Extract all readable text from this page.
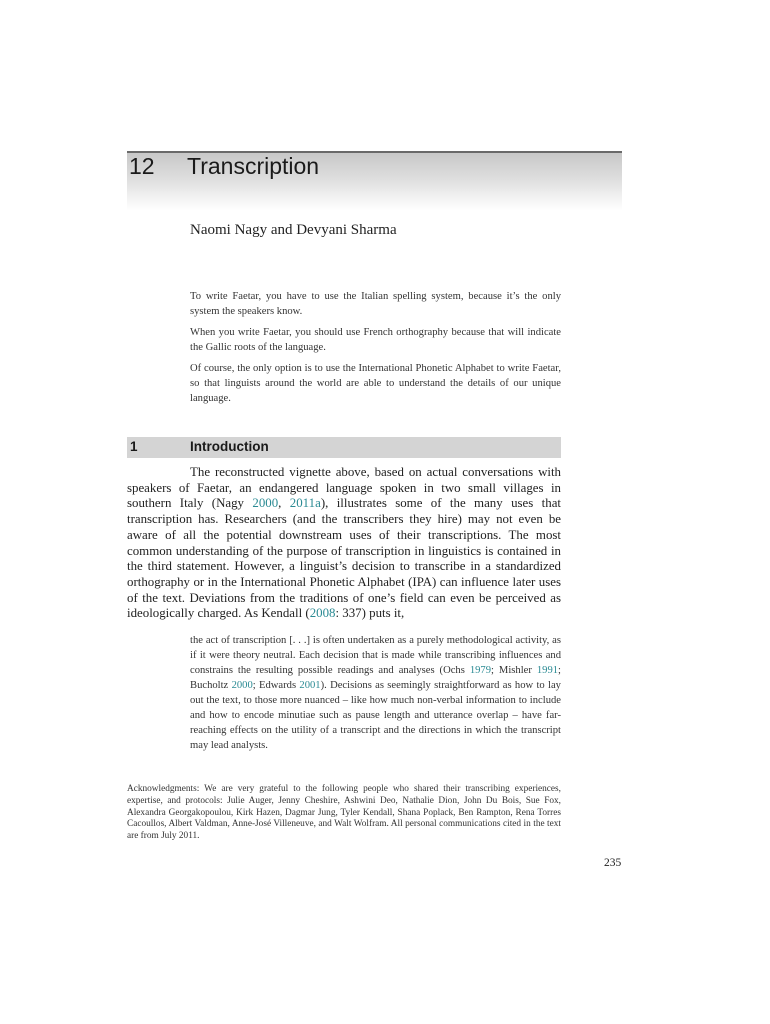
12 Transcription
Naomi Nagy and Devyani Sharma

To write Faetar, you have to use the Italian spelling system, because it’s the only system the speakers know.

When you write Faetar, you should use French orthography because that will indicate the Gallic roots of the language.

Of course, the only option is to use the International Phonetic Alphabet to write Faetar, so that linguists around the world are able to understand the details of our unique language.

1	Introduction

The reconstructed vignette above, based on actual conversations with speakers of Faetar, an endangered language spoken in two small villages in southern Italy (Nagy 2000, 2011a), illustrates some of the many uses that transcription has. Researchers (and the transcribers they hire) may not even be aware of all the potential downstream uses of their transcriptions. The most common understanding of the purpose of transcription in linguistics is contained in the third statement. However, a linguist’s decision to transcribe in a standardized orthography or in the International Phonetic Alphabet (IPA) can influence later uses of the text. Deviations from the traditions of one’s field can even be perceived as ideologically charged. As Kendall (2008: 337) puts it,

the act of transcription [. . .] is often undertaken as a purely methodological activity, as if it were theory neutral. Each decision that is made while transcribing influences and constrains the resulting possible readings and analyses (Ochs 1979; Mishler 1991; Bucholtz 2000; Edwards 2001). Decisions as seemingly straightforward as how to lay out the text, to those more nuanced – like how much non-verbal information to include and how to encode minutiae such as pause length and utterance overlap – have far-reaching effects on the utility of a transcript and the directions in which the transcript may lead analysts.
Acknowledgments: We are very grateful to the following people who shared their transcribing experiences, expertise, and protocols: Julie Auger, Jenny Cheshire, Ashwini Deo, Nathalie Dion, John Du Bois, Sue Fox, Alexandra Georgakopoulou, Kirk Hazen, Dagmar Jung, Tyler Kendall, Shana Poplack, Ben Rampton, Rena Torres Cacoullos, Albert Valdman, Anne-José Villeneuve, and Walt Wolfram. All personal communications cited in the text are from July 2011.
235
